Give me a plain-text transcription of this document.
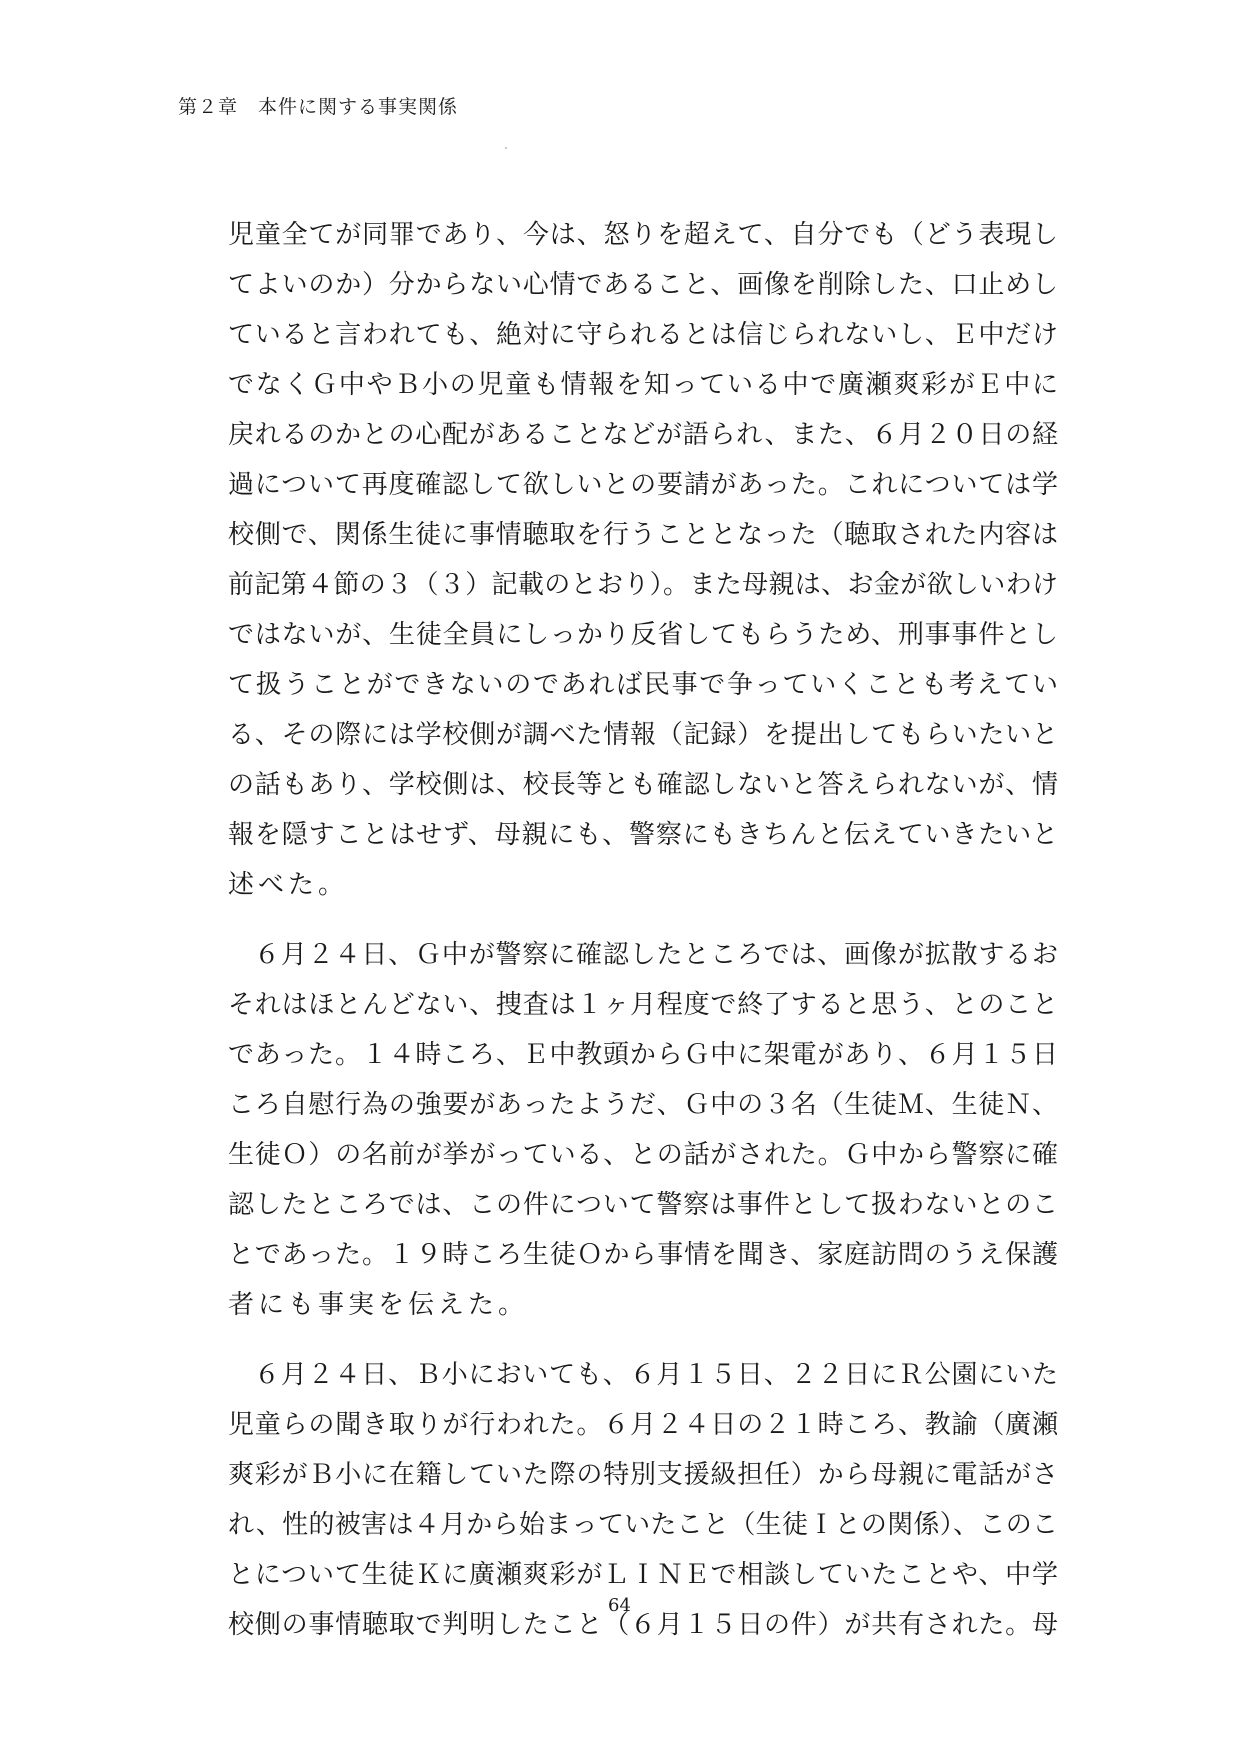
第２章　本件に関する事実関係
児童全てが同罪であり、今は、怒りを超えて、自分でも（どう表現し
てよいのか）分からない心情であること、画像を削除した、口止めし
ていると言われても、絶対に守られるとは信じられないし、Ｅ中だけ
でなくＧ中やＢ小の児童も情報を知っている中で廣瀬爽彩がＥ中に
戻れるのかとの心配があることなどが語られ、また、６月２０日の経
過について再度確認して欲しいとの要請があった。これについては学
校側で、関係生徒に事情聴取を行うこととなった（聴取された内容は
前記第４節の３（３）記載のとおり）。また母親は、お金が欲しいわけ
ではないが、生徒全員にしっかり反省してもらうため、刑事事件とし
て扱うことができないのであれば民事で争っていくことも考えてい
る、その際には学校側が調べた情報（記録）を提出してもらいたいと
の話もあり、学校側は、校長等とも確認しないと答えられないが、情
報を隠すことはせず、母親にも、警察にもきちんと伝えていきたいと
述べた。
６月２４日、Ｇ中が警察に確認したところでは、画像が拡散するお
それはほとんどない、捜査は１ヶ月程度で終了すると思う、とのこと
であった。１４時ころ、Ｅ中教頭からＧ中に架電があり、６月１５日
ころ自慰行為の強要があったようだ、Ｇ中の３名（生徒Ｍ、生徒Ｎ、
生徒Ｏ）の名前が挙がっている、との話がされた。Ｇ中から警察に確
認したところでは、この件について警察は事件として扱わないとのこ
とであった。１９時ころ生徒Ｏから事情を聞き、家庭訪問のうえ保護
者にも事実を伝えた。
６月２４日、Ｂ小においても、６月１５日、２２日にＲ公園にいた
児童らの聞き取りが行われた。６月２４日の２１時ころ、教諭（廣瀬
爽彩がＢ小に在籍していた際の特別支援級担任）から母親に電話がさ
れ、性的被害は４月から始まっていたこと（生徒Ｉとの関係）、このこ
とについて生徒Ｋに廣瀬爽彩がＬＩＮＥで相談していたことや、中学
校側の事情聴取で判明したこと（６月１５日の件）が共有された。母
64
